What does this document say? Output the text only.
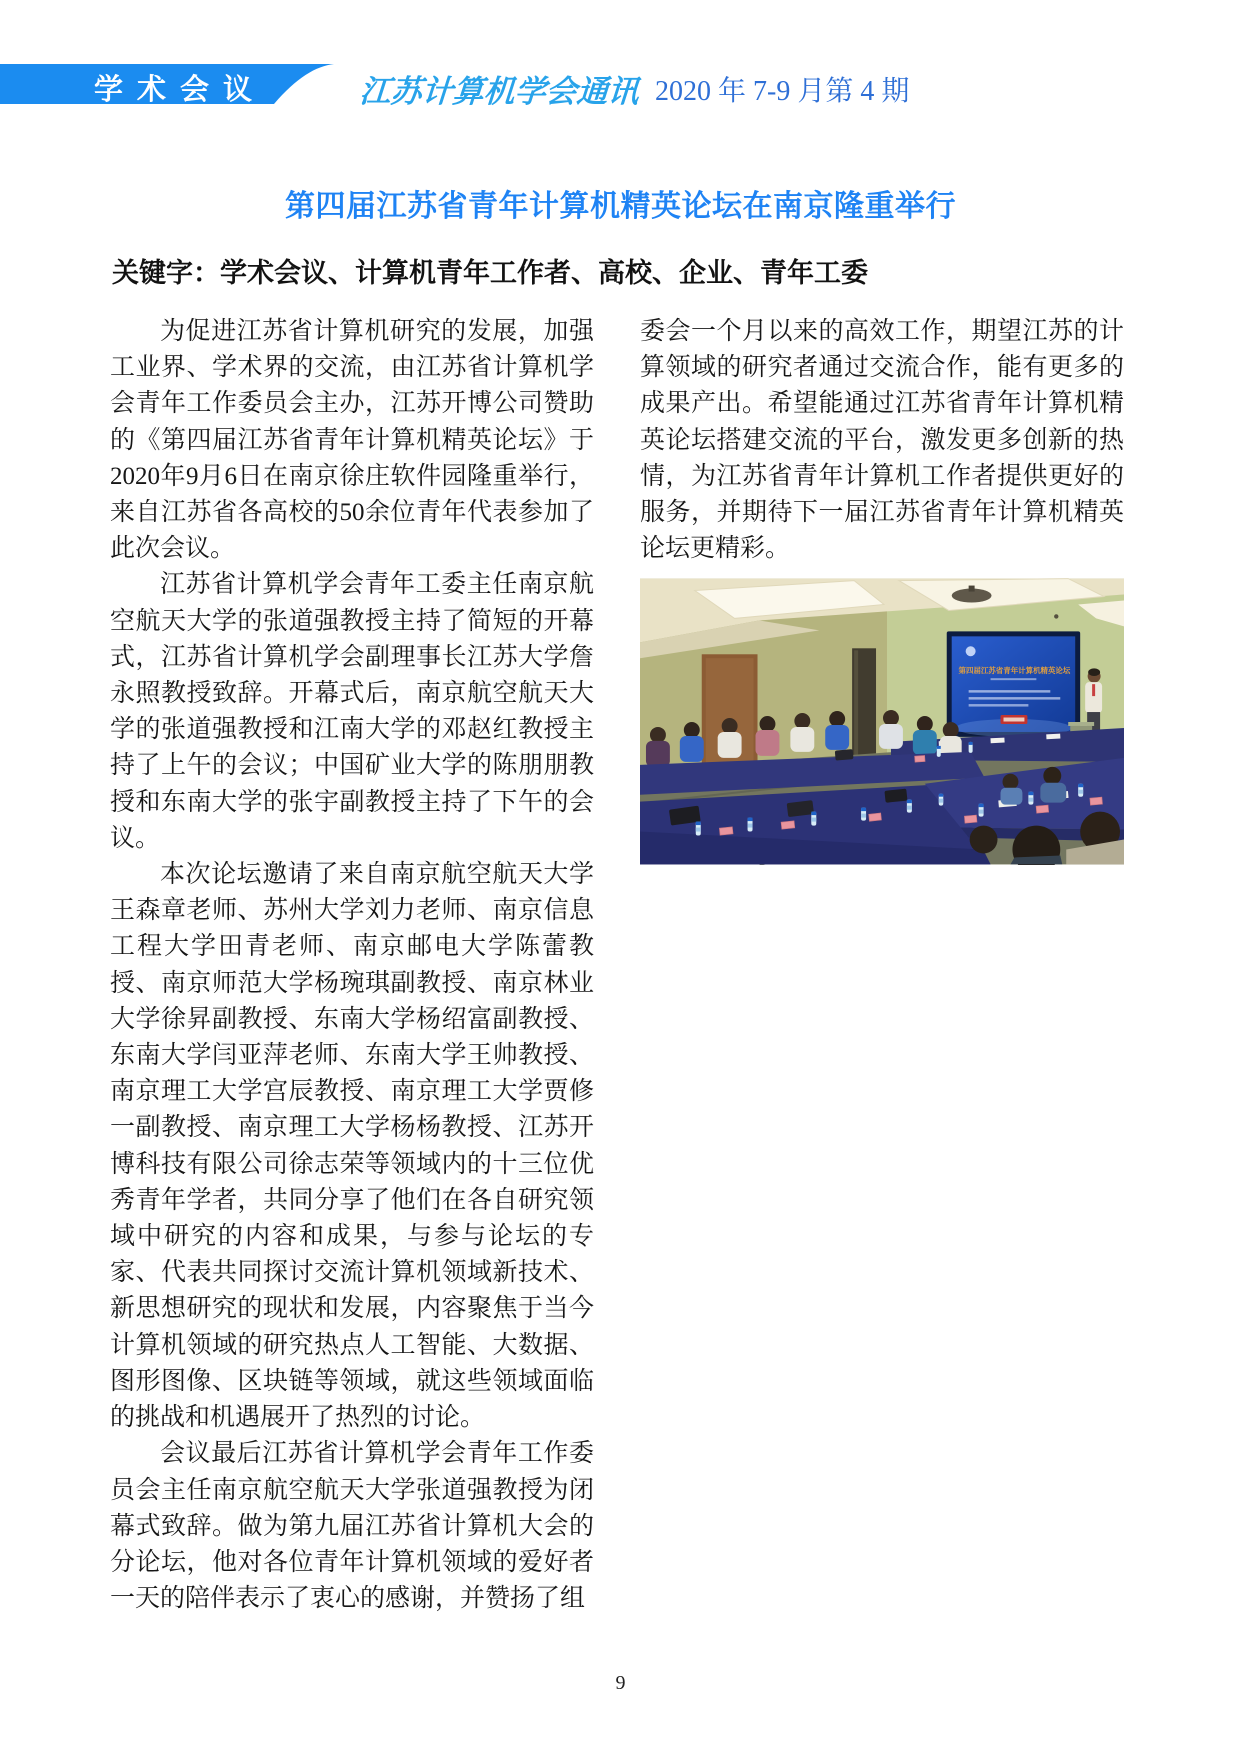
学术会议	江苏计算机学会通讯 2020 年 7-9 月第 4 期
第四届江苏省青年计算机精英论坛在南京隆重举行
关键字：学术会议、计算机青年工作者、高校、企业、青年工委

为促进江苏省计算机研究的发展，加强工业界、学术界的交流，由江苏省计算机学会青年工作委员会主办，江苏开博公司赞助的《第四届江苏省青年计算机精英论坛》于2020年9月6日在南京徐庄软件园隆重举行，来自江苏省各高校的50余位青年代表参加了此次会议。

江苏省计算机学会青年工委主任南京航空航天大学的张道强教授主持了简短的开幕式，江苏省计算机学会副理事长江苏大学詹永照教授致辞。开幕式后，南京航空航天大学的张道强教授和江南大学的邓赵红教授主持了上午的会议；中国矿业大学的陈朋朋教授和东南大学的张宇副教授主持了下午的会议。

本次论坛邀请了来自南京航空航天大学王森章老师、苏州大学刘力老师、南京信息工程大学田青老师、南京邮电大学陈蕾教授、南京师范大学杨琬琪副教授、南京林业大学徐昇副教授、东南大学杨绍富副教授、东南大学闫亚萍老师、东南大学王帅教授、南京理工大学宫辰教授、南京理工大学贾修一副教授、南京理工大学杨杨教授、江苏开博科技有限公司徐志荣等领域内的十三位优秀青年学者，共同分享了他们在各自研究领域中研究的内容和成果，与参与论坛的专家、代表共同探讨交流计算机领域新技术、新思想研究的现状和发展，内容聚焦于当今计算机领域的研究热点人工智能、大数据、图形图像、区块链等领域，就这些领域面临的挑战和机遇展开了热烈的讨论。

会议最后江苏省计算机学会青年工作委员会主任南京航空航天大学张道强教授为闭幕式致辞。做为第九届江苏省计算机大会的分论坛，他对各位青年计算机领域的爱好者一天的陪伴表示了衷心的感谢，并赞扬了组

委会一个月以来的高效工作，期望江苏的计算领域的研究者通过交流合作，能有更多的成果产出。希望能通过江苏省青年计算机精英论坛搭建交流的平台，激发更多创新的热情，为江苏省青年计算机工作者提供更好的服务，并期待下一届江苏省青年计算机精英论坛更精彩。

第四届江苏省青年计算机精英论坛
9
